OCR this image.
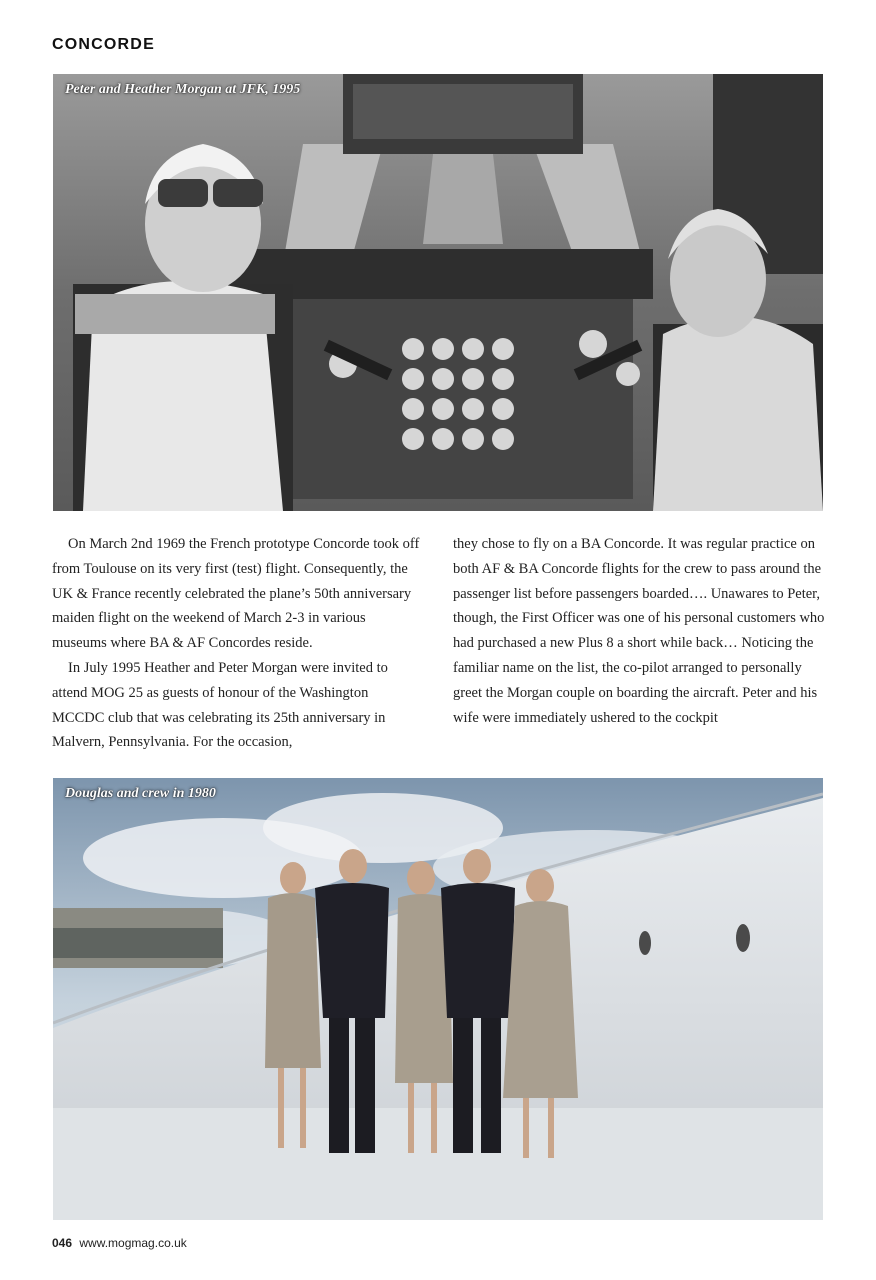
CONCORDE
Peter and Heather Morgan at JFK, 1995

On March 2nd 1969 the French prototype Concorde took off from Toulouse on its very first (test) flight. Consequently, the UK & France recently celebrated the plane’s 50th anniversary maiden flight on the weekend of March 2-3 in various museums where BA & AF Concordes reside.

In July 1995 Heather and Peter Morgan were invited to attend MOG 25 as guests of honour of the Washington MCCDC club that was celebrating its 25th anniversary in Malvern, Pennsylvania. For the occasion,

they chose to fly on a BA Concorde. It was regular practice on both AF & BA Concorde flights for the crew to pass around the passenger list before passengers boarded…. Unawares to Peter, though, the First Officer was one of his personal customers who had purchased a new Plus 8 a short while back… Noticing the familiar name on the list, the co-pilot arranged to personally greet the Morgan couple on boarding the aircraft. Peter and his wife were immediately ushered to the cockpit

Douglas and crew in 1980
046 www.mogmag.co.uk
